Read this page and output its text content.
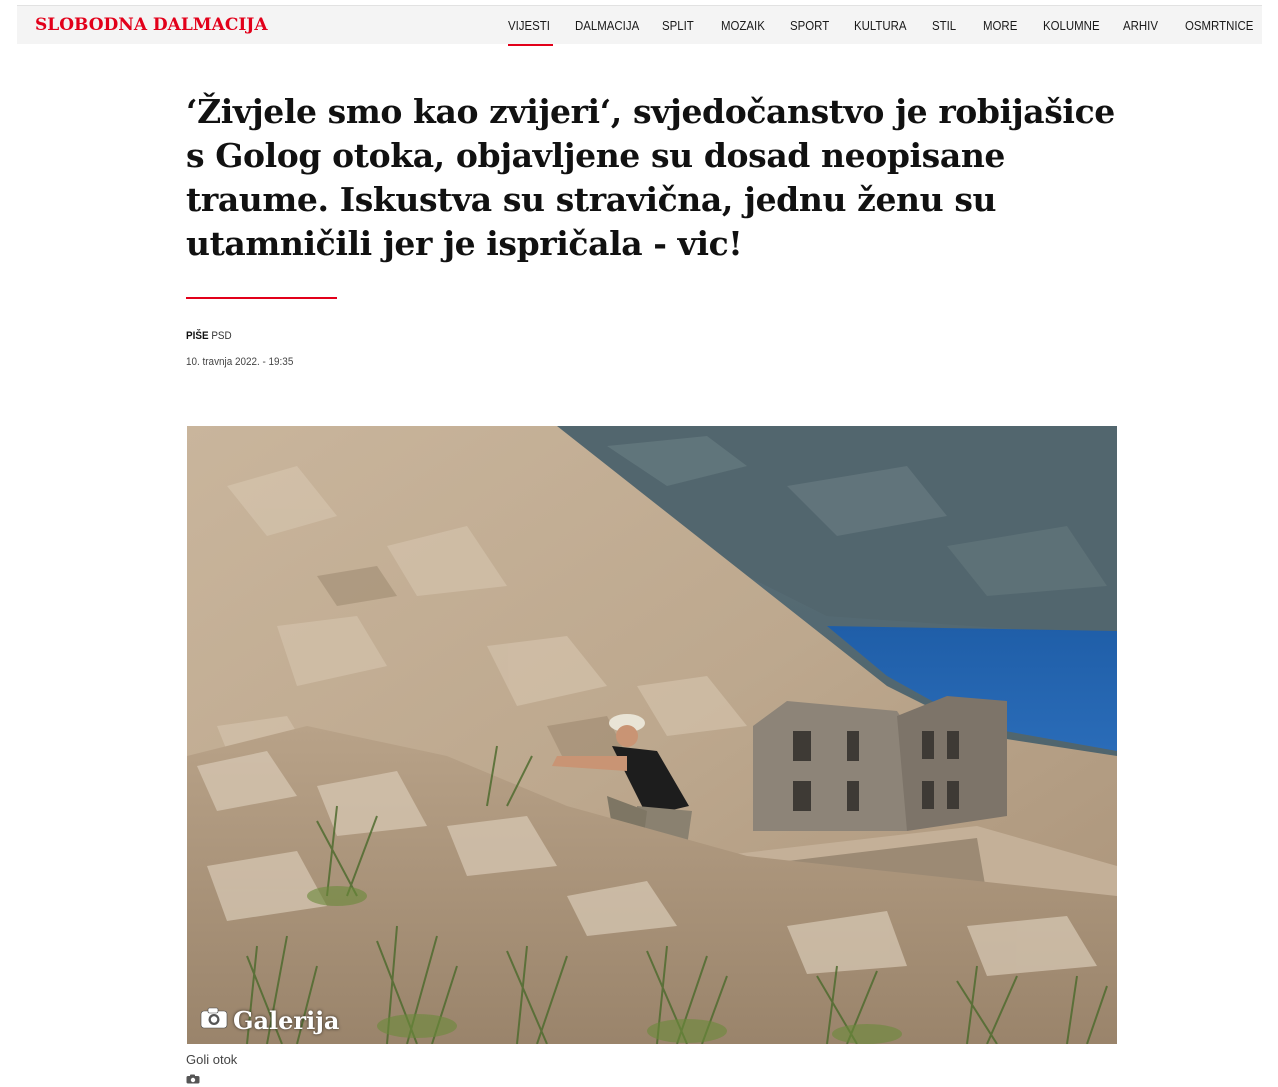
SLOBODNA DALMACIJA	VIJESTI DALMACIJA SPLIT MOZAIK SPORT KULTURA STIL MORE KOLUMNE ARHIV OSMRTNICE
‘Živjele smo kao zvijeri‘, svjedočanstvo je robijašice s Golog otoka, objavljene su dosad neopisane traume. Iskustva su stravična, jednu ženu su utamničili jer je ispričala - vic!
PIŠE PSD
10. travnja 2022. - 19:35
Galerija
Goli otok
